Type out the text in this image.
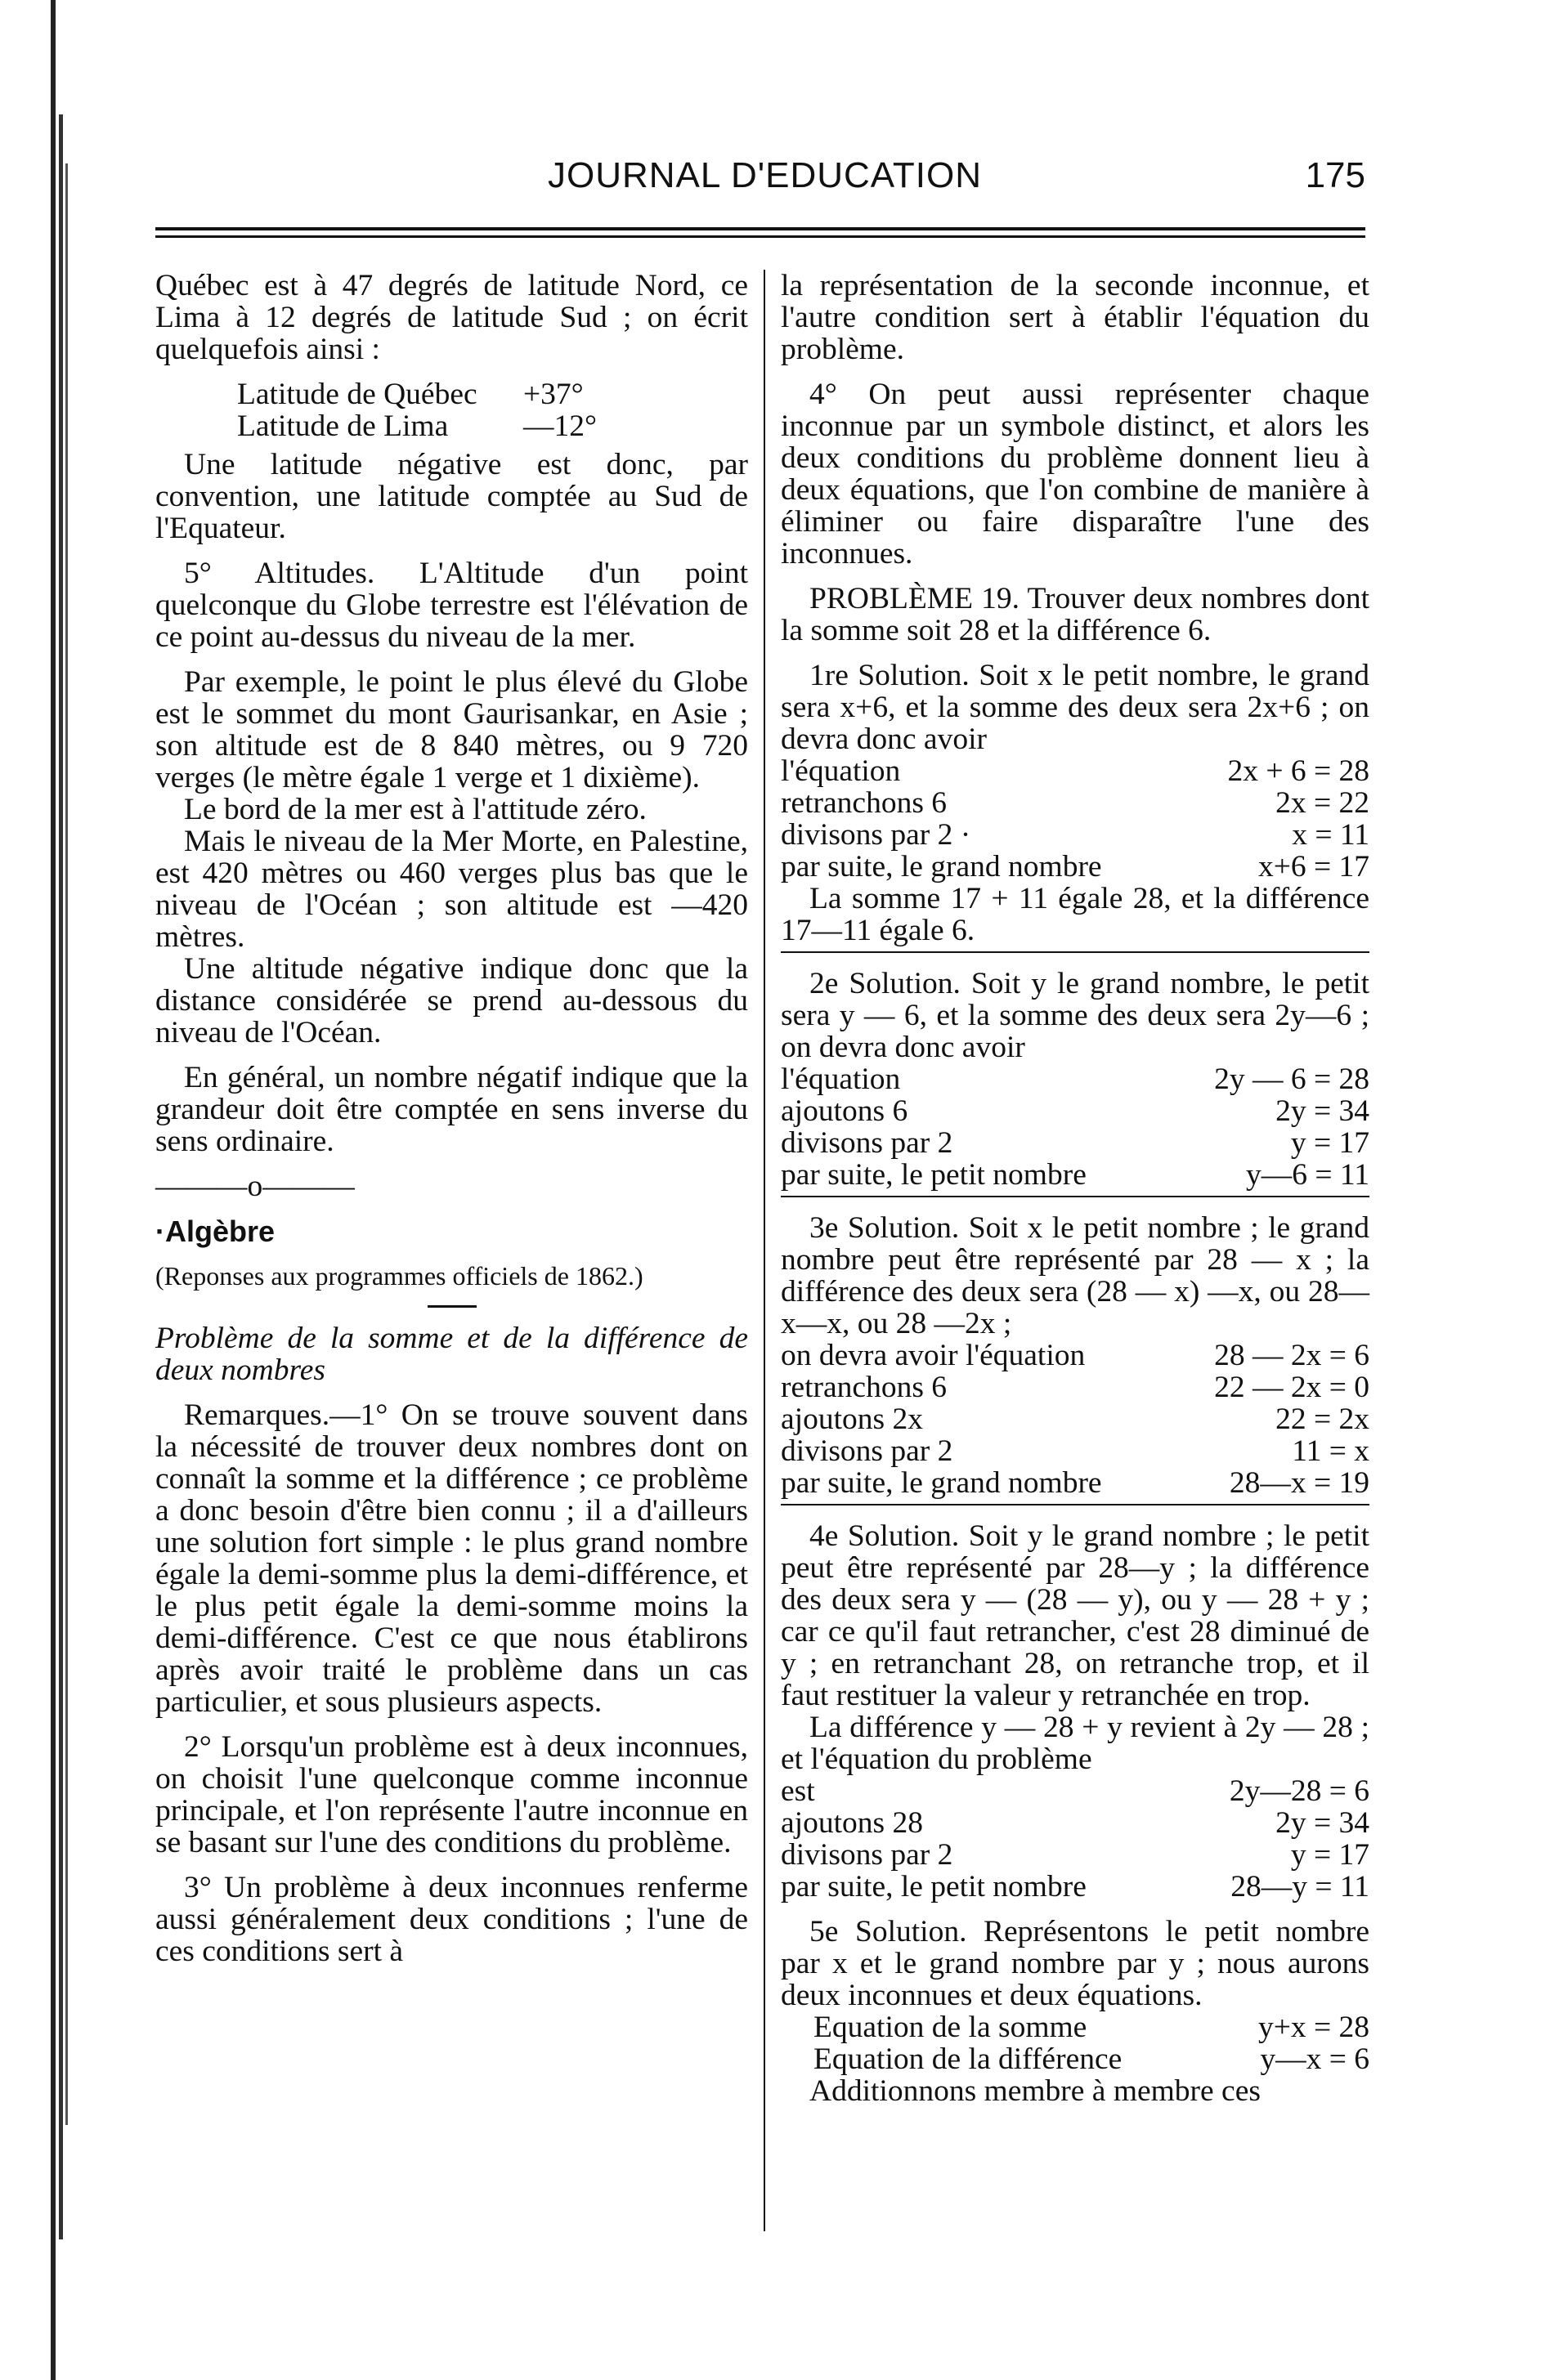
JOURNAL D'EDUCATION	175

Québec est à 47 degrés de latitude Nord, ce Lima à 12 degrés de latitude Sud ; on écrit quelquefois ainsi :

Latitude de Québec	+37°
Latitude de Lima	—12°

Une latitude négative est donc, par convention, une latitude comptée au Sud de l'Equateur.

5° Altitudes. L'Altitude d'un point quelconque du Globe terrestre est l'élévation de ce point au-dessus du niveau de la mer.

Par exemple, le point le plus élevé du Globe est le sommet du mont Gaurisankar, en Asie ; son altitude est de 8 840 mètres, ou 9 720 verges (le mètre égale 1 verge et 1 dixième).

Le bord de la mer est à l'attitude zéro.

Mais le niveau de la Mer Morte, en Palestine, est 420 mètres ou 460 verges plus bas que le niveau de l'Océan ; son altitude est —420 mètres.

Une altitude négative indique donc que la distance considérée se prend au-dessous du niveau de l'Océan.

En général, un nombre négatif indique que la grandeur doit être comptée en sens inverse du sens ordinaire.

———o———

·Algèbre

(Reponses aux programmes officiels de 1862.)

Problème de la somme et de la différence de deux nombres

Remarques.—1° On se trouve souvent dans la nécessité de trouver deux nombres dont on connaît la somme et la différence ; ce problème a donc besoin d'être bien connu ; il a d'ailleurs une solution fort simple : le plus grand nombre égale la demi-somme plus la demi-différence, et le plus petit égale la demi-somme moins la demi-différence. C'est ce que nous établirons après avoir traité le problème dans un cas particulier, et sous plusieurs aspects.

2° Lorsqu'un problème est à deux inconnues, on choisit l'une quelconque comme inconnue principale, et l'on représente l'autre inconnue en se basant sur l'une des conditions du problème.

3° Un problème à deux inconnues renferme aussi généralement deux conditions ; l'une de ces conditions sert à

la représentation de la seconde inconnue, et l'autre condition sert à établir l'équation du problème.

4° On peut aussi représenter chaque inconnue par un symbole distinct, et alors les deux conditions du problème donnent lieu à deux équations, que l'on combine de manière à éliminer ou faire disparaître l'une des inconnues.

PROBLÈME 19. Trouver deux nombres dont la somme soit 28 et la différence 6.

1re Solution. Soit x le petit nombre, le grand sera x+6, et la somme des deux sera 2x+6 ; on devra donc avoir

l'équation	2x + 6 = 28
retranchons 6	2x = 22
divisons par 2 ·	x = 11
par suite, le grand nombre	x+6 = 17

La somme 17 + 11 égale 28, et la différence 17—11 égale 6.

2e Solution. Soit y le grand nombre, le petit sera y — 6, et la somme des deux sera 2y—6 ; on devra donc avoir

l'équation	2y — 6 = 28
ajoutons 6	2y = 34
divisons par 2	y = 17
par suite, le petit nombre	y—6 = 11

3e Solution. Soit x le petit nombre ; le grand nombre peut être représenté par 28 — x ; la différence des deux sera (28 — x) —x, ou 28—x—x, ou 28 —2x ;

on devra avoir l'équation	28 — 2x = 6
retranchons 6	22 — 2x = 0
ajoutons 2x	22 = 2x
divisons par 2	11 = x
par suite, le grand nombre	28—x = 19

4e Solution. Soit y le grand nombre ; le petit peut être représenté par 28—y ; la différence des deux sera y — (28 — y), ou y — 28 + y ; car ce qu'il faut retrancher, c'est 28 diminué de y ; en retranchant 28, on retranche trop, et il faut restituer la valeur y retranchée en trop.

La différence y — 28 + y revient à 2y — 28 ; et l'équation du problème

est	2y—28 = 6
ajoutons 28	2y = 34
divisons par 2	y = 17
par suite, le petit nombre	28—y = 11

5e Solution. Représentons le petit nombre par x et le grand nombre par y ; nous aurons deux inconnues et deux équations.

Equation de la somme	y+x = 28
Equation de la différence	y—x = 6

Additionnons membre à membre ces
